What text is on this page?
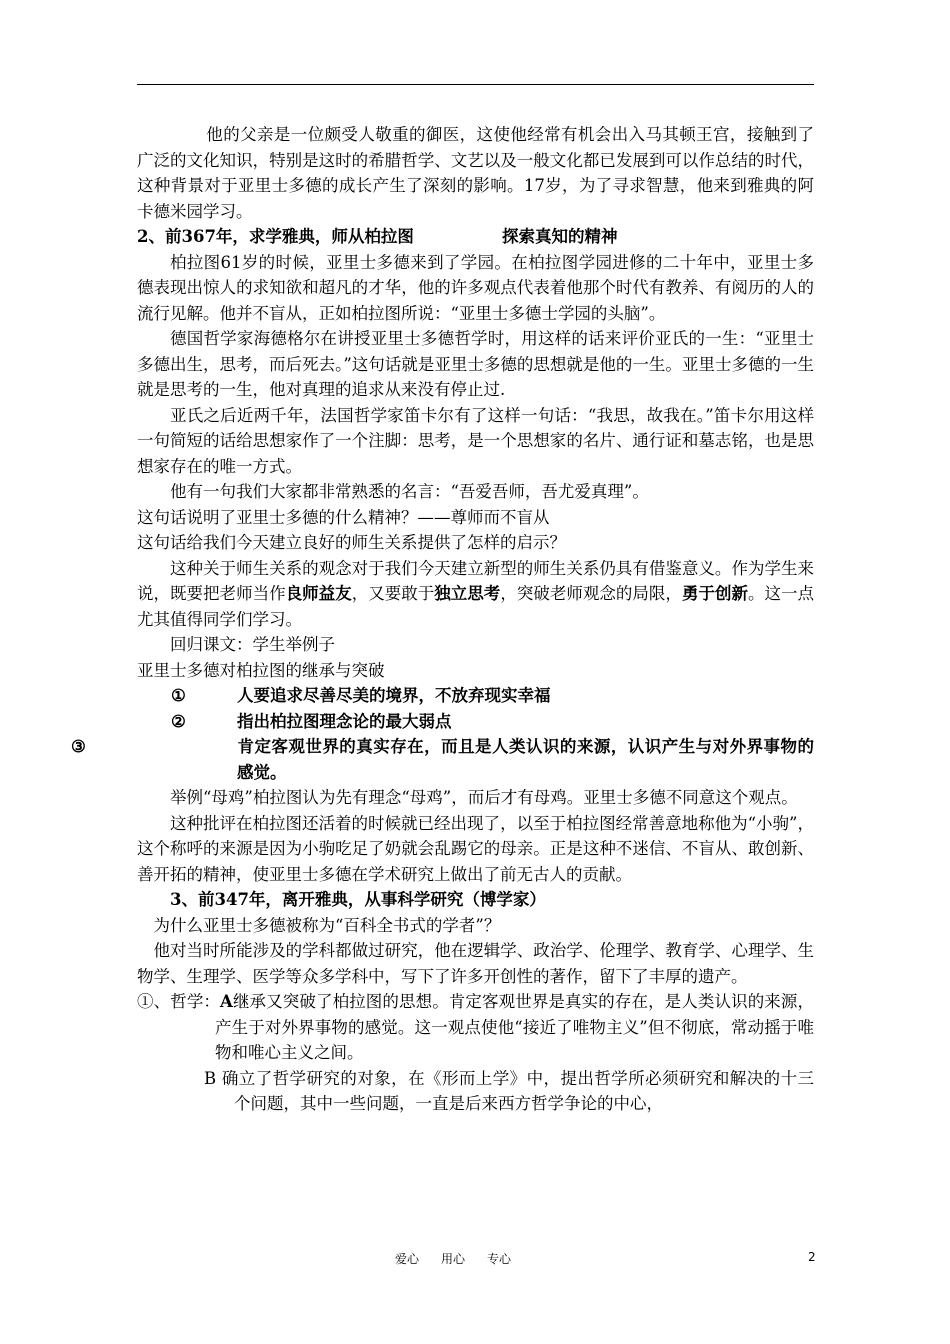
他的父亲是一位颇受人敬重的御医，这使他经常有机会出入马其顿王宫，接触到了广泛的文化知识，特别是这时的希腊哲学、文艺以及一般文化都已发展到可以作总结的时代，这种背景对于亚里士多德的成长产生了深刻的影响。17岁，为了寻求智慧，他来到雅典的阿卡德米园学习。

2、前367年，求学雅典，师从柏拉图	探索真知的精神

柏拉图61岁的时候，亚里士多德来到了学园。在柏拉图学园进修的二十年中，亚里士多德表现出惊人的求知欲和超凡的才华，他的许多观点代表着他那个时代有教养、有阅历的人的流行见解。他并不盲从，正如柏拉图所说：“亚里士多德士学园的头脑”。

德国哲学家海德格尔在讲授亚里士多德哲学时，用这样的话来评价亚氏的一生：“亚里士多德出生，思考，而后死去。”这句话就是亚里士多德的思想就是他的一生。亚里士多德的一生就是思考的一生，他对真理的追求从来没有停止过.

亚氏之后近两千年，法国哲学家笛卡尔有了这样一句话：“我思，故我在。”笛卡尔用这样一句简短的话给思想家作了一个注脚：思考，是一个思想家的名片、通行证和墓志铭，也是思想家存在的唯一方式。

他有一句我们大家都非常熟悉的名言：“吾爱吾师，吾尤爱真理”。

这句话说明了亚里士多德的什么精神？——尊师而不盲从

这句话给我们今天建立良好的师生关系提供了怎样的启示？

这种关于师生关系的观念对于我们今天建立新型的师生关系仍具有借鉴意义。作为学生来说，既要把老师当作良师益友，又要敢于独立思考，突破老师观念的局限，勇于创新。这一点尤其值得同学们学习。

回归课文：学生举例子

亚里士多德对柏拉图的继承与突破

①	人要追求尽善尽美的境界，不放弃现实幸福

②	指出柏拉图理念论的最大弱点

③	肯定客观世界的真实存在，而且是人类认识的来源，认识产生与对外界事物的感觉。

举例“母鸡”柏拉图认为先有理念“母鸡”，而后才有母鸡。亚里士多德不同意这个观点。

这种批评在柏拉图还活着的时候就已经出现了，以至于柏拉图经常善意地称他为“小驹”，这个称呼的来源是因为小驹吃足了奶就会乱踢它的母亲。正是这种不迷信、不盲从、敢创新、善开拓的精神，使亚里士多德在学术研究上做出了前无古人的贡献。

3、前347年，离开雅典，从事科学研究（博学家）

为什么亚里士多德被称为“百科全书式的学者”？

他对当时所能涉及的学科都做过研究，他在逻辑学、政治学、伦理学、教育学、心理学、生物学、生理学、医学等众多学科中，写下了许多开创性的著作，留下了丰厚的遗产。

①、哲学：A继承又突破了柏拉图的思想。肯定客观世界是真实的存在，是人类认识的来源，产生于对外界事物的感觉。这一观点使他“接近了唯物主义”但不彻底，常动摇于唯物和唯心主义之间。

B 确立了哲学研究的对象，在《形而上学》中，提出哲学所必须研究和解决的十三个问题，其中一些问题，一直是后来西方哲学争论的中心，

爱心 用心 专心	2
